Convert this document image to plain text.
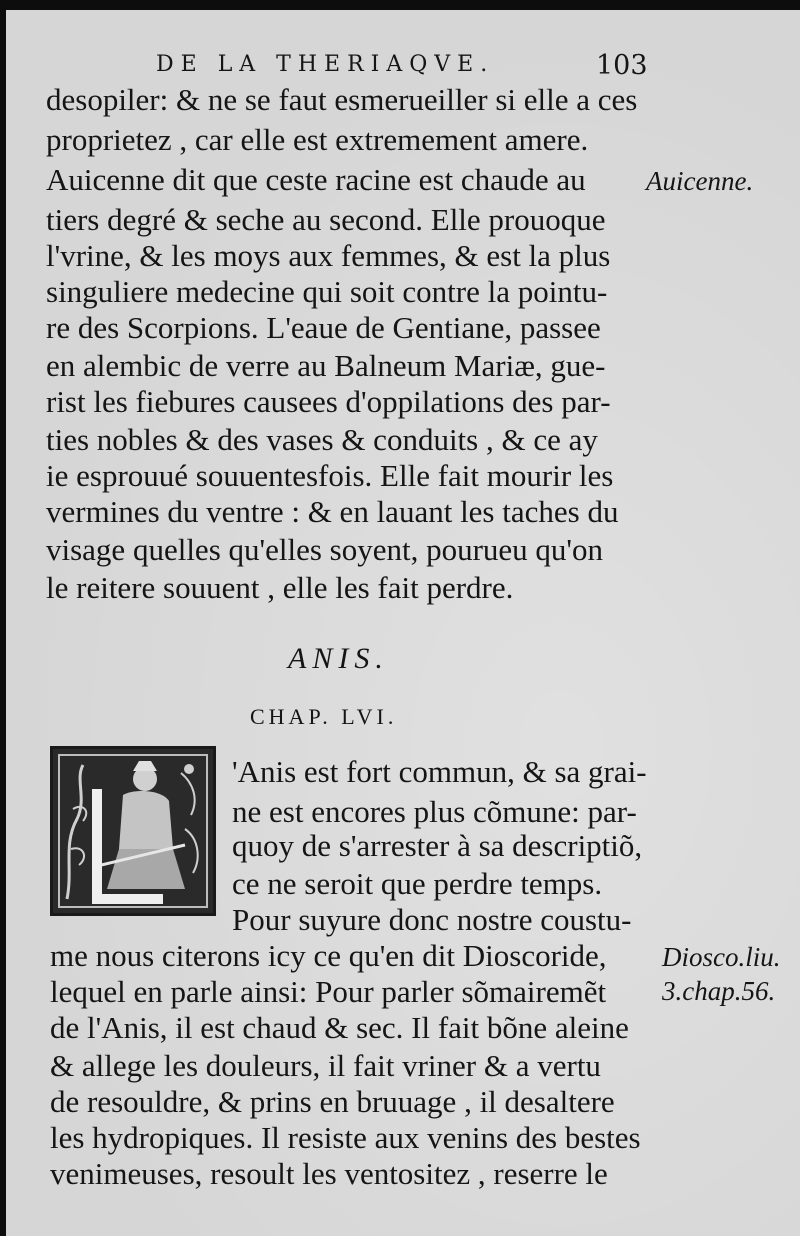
DE LA THERIAQVE.	103
desopiler: & ne se faut esmerueiller si elle a ces
proprietez , car elle est extremement amere.
Auicenne dit que ceste racine est chaude au
tiers degré & seche au second. Elle prouoque
l'vrine, & les moys aux femmes, & est la plus
singuliere medecine qui soit contre la pointu-
re des Scorpions. L'eaue de Gentiane, passee
en alembic de verre au Balneum Mariæ, gue-
rist les fiebures causees d'oppilations des par-
ties nobles & des vases & conduits , & ce ay
ie esprouué souuentesfois. Elle fait mourir les
vermines du ventre : & en lauant les taches du
visage quelles qu'elles soyent, pourueu qu'on
le reitere souuent , elle les fait perdre.
Auicenne.
ANIS.
CHAP. LVI.
'Anis est fort commun, & sa grai-
ne est encores plus cõmune: par-
quoy de s'arrester à sa descriptiõ,
ce ne seroit que perdre temps.
Pour suyure donc nostre coustu-
me nous citerons icy ce qu'en dit Dioscoride,
lequel en parle ainsi: Pour parler sõmairemẽt
de l'Anis, il est chaud & sec. Il fait bõne aleine
& allege les douleurs, il fait vriner & a vertu
de resouldre, & prins en bruuage , il desaltere
les hydropiques. Il resiste aux venins des bestes
venimeuses, resoult les ventositez , reserre le
Diosco.liu.
3.chap.56.
